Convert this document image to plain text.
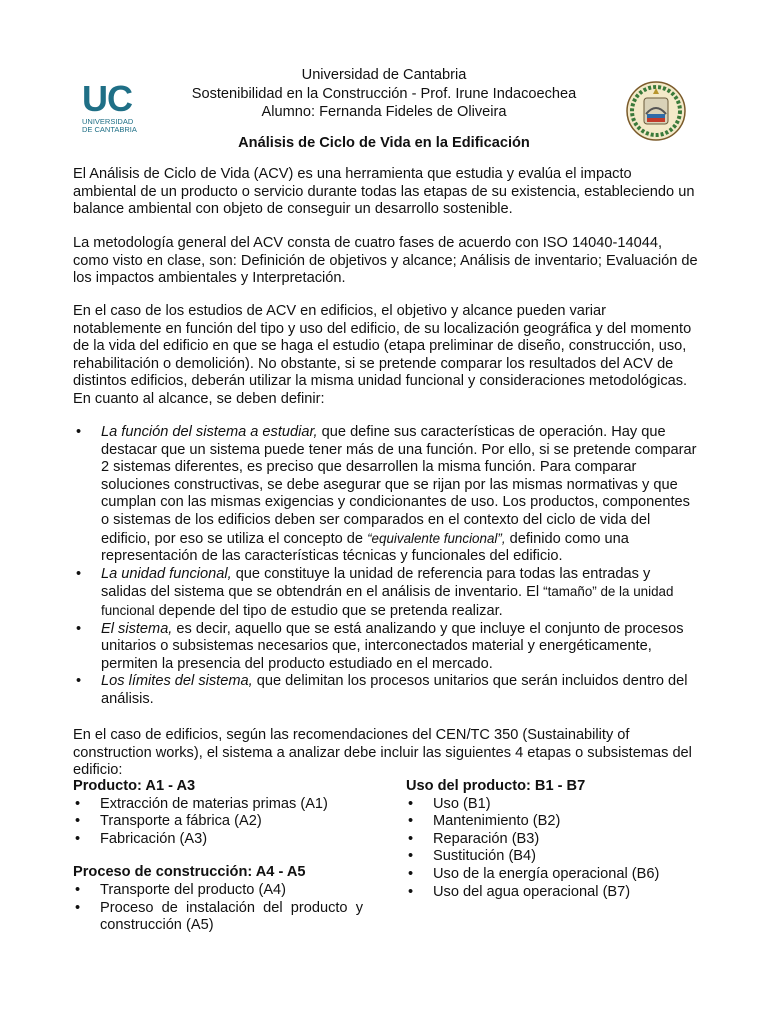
UC
UNIVERSIDAD
DE CANTABRIA
Universidad de Cantabria
Sostenibilidad en la Construcción - Prof. Irune Indacoechea
Alumno: Fernanda Fideles de Oliveira
Análisis de Ciclo de Vida en la Edificación

El Análisis de Ciclo de Vida (ACV) es una herramienta que estudia y evalúa el impacto ambiental de un producto o servicio durante todas las etapas de su existencia, estableciendo un balance ambiental con objeto de conseguir un desarrollo sostenible.

La metodología general del ACV consta de cuatro fases de acuerdo con ISO 14040-14044, como visto en clase, son: Definición de objetivos y alcance; Análisis de inventario; Evaluación de los impactos ambientales y Interpretación.

En el caso de los estudios de ACV en edificios, el objetivo y alcance pueden variar notablemente en función del tipo y uso del edificio, de su localización geográfica y del momento de la vida del edificio en que se haga el estudio (etapa preliminar de diseño, construcción, uso, rehabilitación o demolición). No obstante, si se pretende comparar los resultados del ACV de distintos edificios, deberán utilizar la misma unidad funcional y consideraciones metodológicas. En cuanto al alcance, se deben definir:

• La función del sistema a estudiar, que define sus características de operación. Hay que destacar que un sistema puede tener más de una función. Por ello, si se pretende comparar 2 sistemas diferentes, es preciso que desarrollen la misma función. Para comparar soluciones constructivas, se debe asegurar que se rijan por las mismas normativas y que cumplan con las mismas exigencias y condicionantes de uso. Los productos, componentes o sistemas de los edificios deben ser comparados en el contexto del ciclo de vida del edificio, por eso se utiliza el concepto de “equivalente funcional”, definido como una representación de las características técnicas y funcionales del edificio.
• La unidad funcional, que constituye la unidad de referencia para todas las entradas y salidas del sistema que se obtendrán en el análisis de inventario. El “tamaño” de la unidad funcional depende del tipo de estudio que se pretenda realizar.
• El sistema, es decir, aquello que se está analizando y que incluye el conjunto de procesos unitarios o subsistemas necesarios que, interconectados material y energéticamente, permiten la presencia del producto estudiado en el mercado.
• Los límites del sistema, que delimitan los procesos unitarios que serán incluidos dentro del análisis.

En el caso de edificios, según las recomendaciones del CEN/TC 350 (Sustainability of construction works), el sistema a analizar debe incluir las siguientes 4 etapas o subsistemas del edificio:

Producto: A1 - A3
• Extracción de materias primas (A1)
• Transporte a fábrica (A2)
• Fabricación (A3)
Proceso de construcción: A4 - A5
• Transporte del producto (A4)
• Proceso de instalación del producto y construcción (A5)
Uso del producto: B1 - B7
• Uso (B1)
• Mantenimiento (B2)
• Reparación (B3)
• Sustitución (B4)
• Uso de la energía operacional (B6)
• Uso del agua operacional (B7)
